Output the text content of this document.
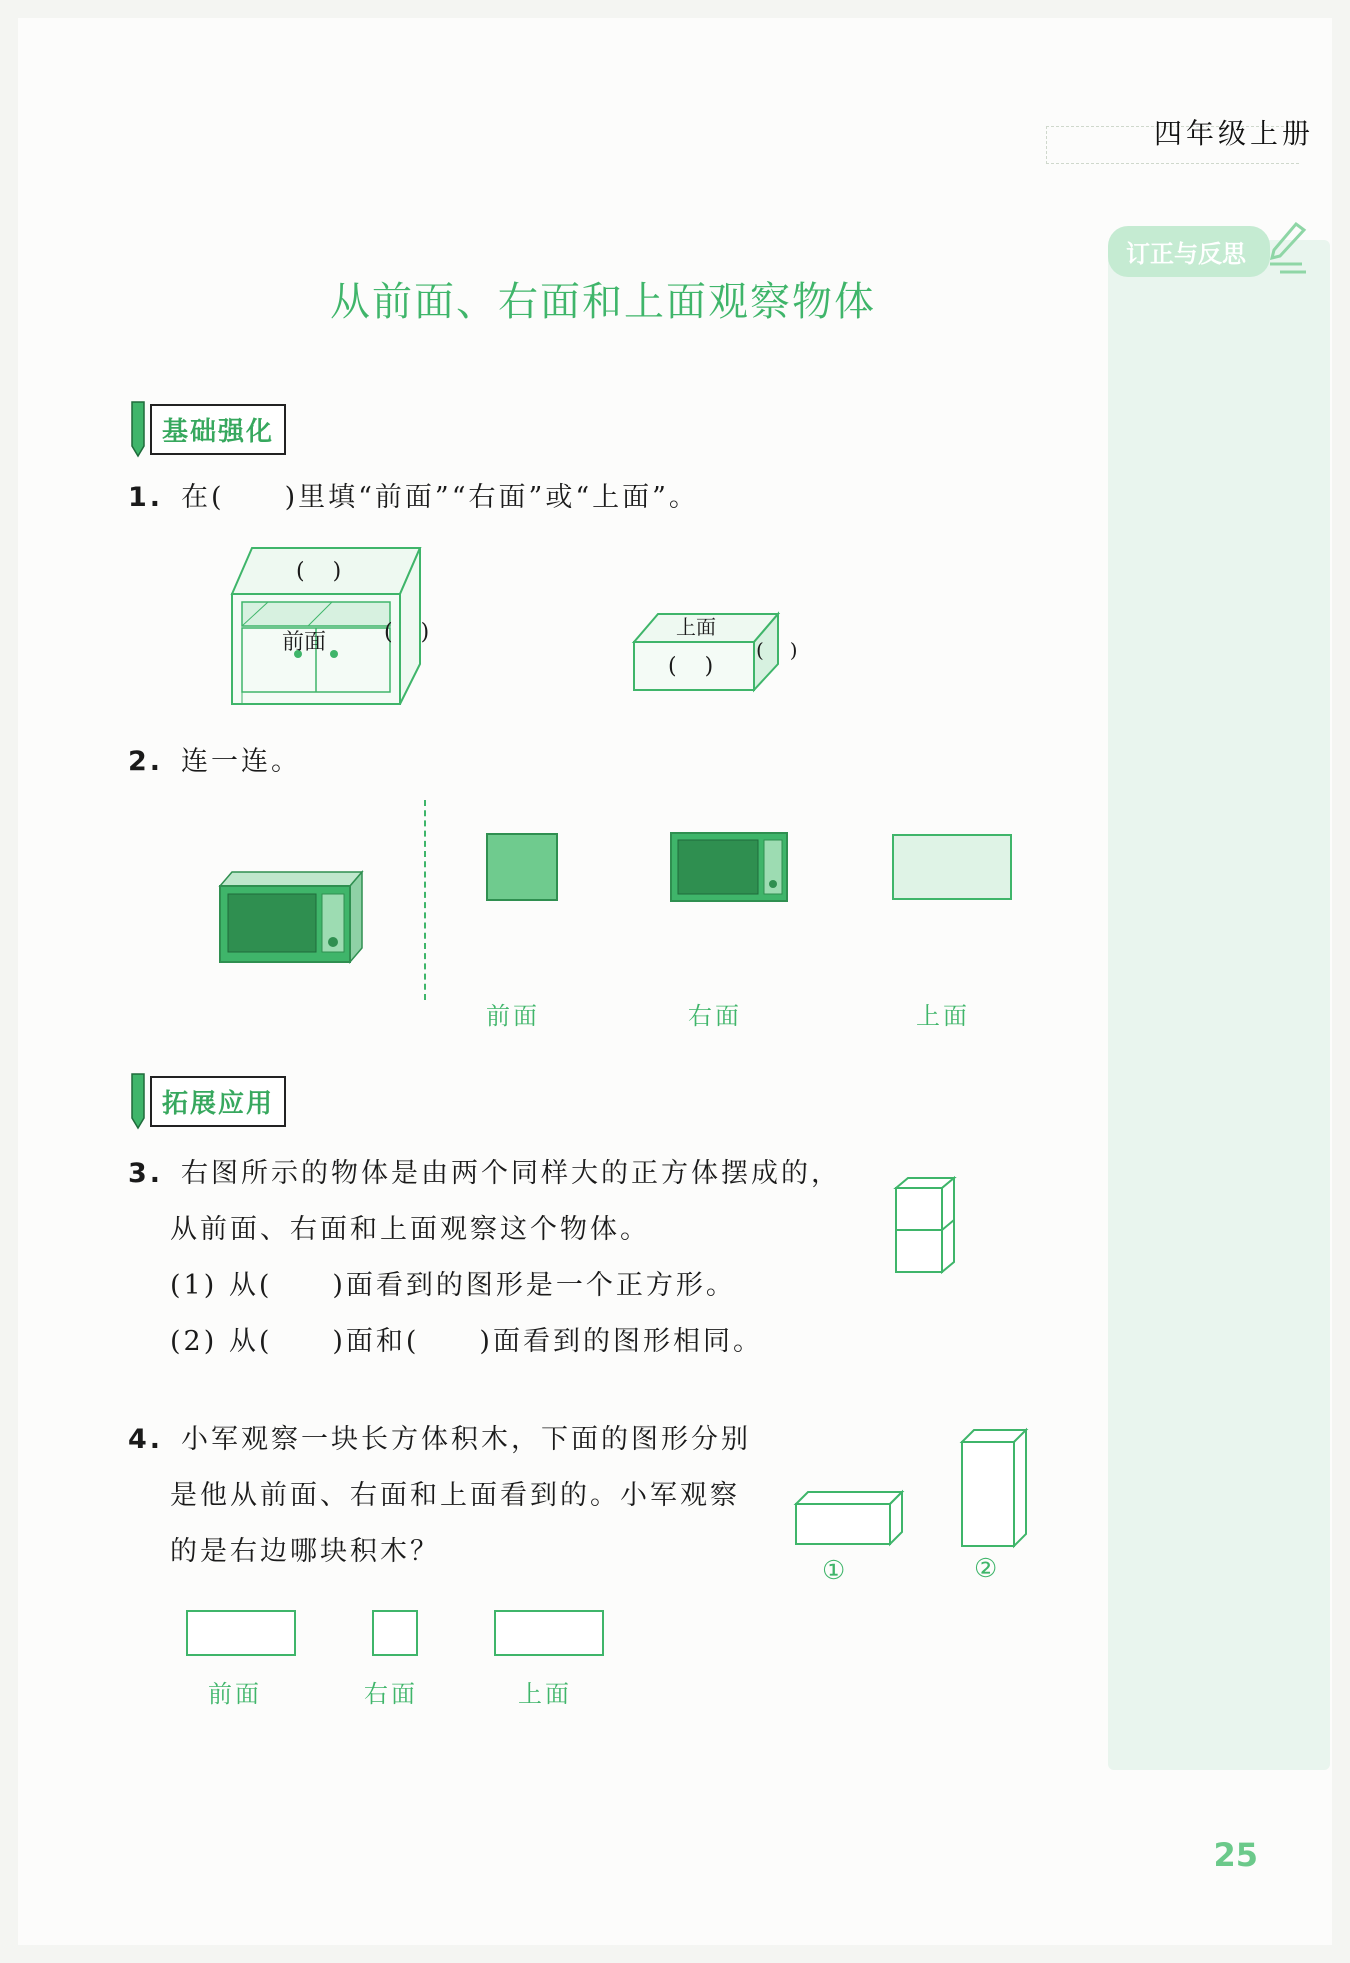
四年级上册
订正与反思
从前面、右面和上面观察物体
基础强化
1. 在(　　)里填“前面”“右面”或“上面”。
(　)
前面	(　)	上面
(　)
(　)
2. 连一连。
前面	右面	上面
拓展应用
3. 右图所示的物体是由两个同样大的正方体摆成的，
从前面、右面和上面观察这个物体。
(1) 从(　　)面看到的图形是一个正方形。
(2) 从(　　)面和(　　)面看到的图形相同。
4. 小军观察一块长方体积木，下面的图形分别
是他从前面、右面和上面看到的。小军观察
的是右边哪块积木？
①	②
前面	右面	上面
25
